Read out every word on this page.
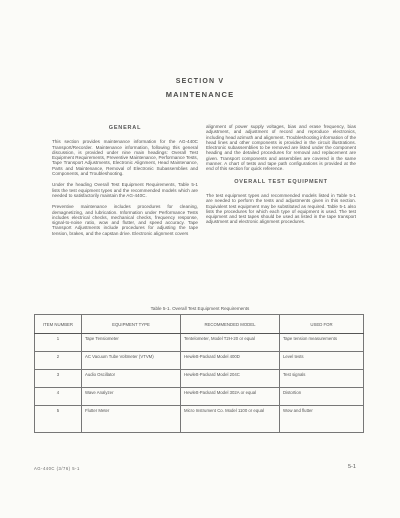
SECTION V
MAINTENANCE
GENERAL

This section provides maintenance information for the AG-440C Transport/Recorder. Maintenance information, following this general discussion, is provided under nine main headings: Overall Test Equipment Requirements, Preventive Maintenance, Performance Tests, Tape Transport Adjustments, Electronic Alignment, Head Maintenance, Parts and Maintenance, Removal of Electronic Subassemblies and Components, and Troubleshooting.

Under the heading Overall Test Equipment Requirements, Table 5-1 lists the test equipment types and the recommended models which are needed to satisfactorily maintain the AG-440C.

Preventive maintenance includes procedures for cleaning, demagnetizing, and lubrication. Information under Performance Tests includes electrical checks, mechanical checks, frequency response, signal-to-noise ratio, wow and flutter, and speed accuracy. Tape Transport Adjustments include procedures for adjusting the tape tension, brakes, and the capstan drive. Electronic alignment covers

alignment of power supply voltages, bias and erase frequency, bias adjustment, and adjustment of record and reproduce electronics, including head azimuth and alignment. Troubleshooting information of the head lines and other components is provided in the circuit illustrations. Electronic subassemblies to be removed are listed under the component heading and the detailed procedures for removal and replacement are given. Transport components and assemblies are covered in the same manner. A chart of tests and tape path configurations is provided at the end of this section for quick reference.

OVERALL TEST EQUIPMENT

The test equipment types and recommended models listed in Table 5-1 are needed to perform the tests and adjustments given in this section. Equivalent test equipment may be substituted as required. Table 5-1 also lists the procedures for which each type of equipment is used. The test equipment and test tapes should be used as listed in the tape transport adjustment and electronic alignment procedures.

Table 5-1. Overall Test Equipment Requirements
ITEM NUMBER	EQUIPMENT TYPE	RECOMMENDED MODEL	USED FOR
1	Tape Tensiometer	Tentelometer, Model T2H-20 or equal	Tape tension measurements
2	AC Vacuum Tube Voltmeter (VTVM)	Hewlett-Packard Model 400D	Level tests
3	Audio Oscillator	Hewlett-Packard Model 204C	Test signals
4	Wave Analyzer	Hewlett-Packard Model 302A or equal	Distortion
5	Flutter Meter	Micro Instrument Co. Model 1100 or equal	Wow and flutter
AG-440C (3/76) 5-1	5-1
